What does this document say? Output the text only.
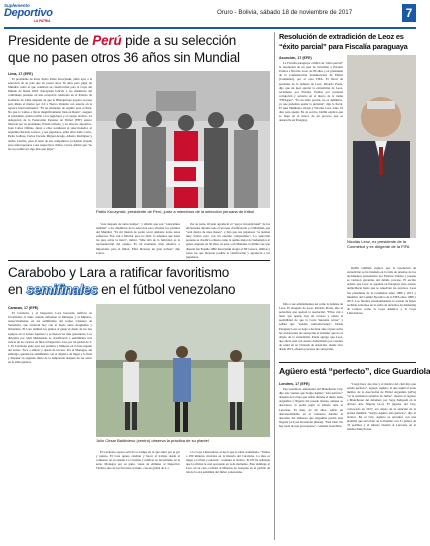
Suplemento
Deportivo
LA PATRIA
Oruro - Bolivia, sábado 18 de noviembre de 2017	7
Presidente de Perú pide a su selección
que no pasen otros 36 años sin Mundial
Lima, 17 (EFE)

El presidente de Perú, Pedro Pablo Kuczynski, pidió ayer a la selección de su país que no pasen otros 36 años para jugar un Mundial como el que celebrará su clasificación para la Copa del Mundo de Rusia 2018. Kuczynski felicitó a los miembros del combinado peruano en una recepción celebrada en el Palacio de Gobierno de Lima después de que la Blanquirroja lograra su pase para Rusia el martes por 2-0 a Nueva Zelanda con autoría en la repesca intercontinental. "Es un momento de orgullo para el Perú. No que lo vamos a llevar magníficamente bien en Rusia", aseguró el presidente, quien recibió a los jugadores y el cuerpo técnico. La delegación de la Federación Peruana de Fútbol (FPF) estuvo liderada por su presidente, Edwin Oviedo, y su director deportivo, Juan Carlos Oblitas. Junto a ellos acudieron el seleccionador, el argentino Ricardo Gareca, y sus jugadores, entre ellos Aldo Corzo, Pedro Gallese, Carlos Cáceda, Miguel Araujo, Alberto Rodríguez y Andre Carrillo, pues el resto de sus compañeros ya habían viajado para reincorporarse a sus respectivos clubes. Cueva afirmó que "no les es posible ser algo más que jugar".

Pablo Kuczynski, presidente de Perú, junto a miembros de la selección peruana de fútbol

"este después de tanto tiempo", y añadió que son "conscientes también" a los miembros de la selección para afrontar los partidos del Mundial. "Es mi ilusión de poder sacar adelante todos estos esfuerzos. Nos van a felicitar pero no fácil, lo tenemos que tener los pies sobre la tierra", indicó. "Más allá de la felicidad, es la representación del equipo. Es un momento muy emotivo e importante para el fútbol. Ellos hicieron un gran trabajo" dijo Cueva.

Por su parte, Oviedo agradeció el "apoyo incondicional" de los aficionados durante todo el proceso clasificatorio y el Mundial, que "será dentro de unos meses", y dijo que sus jugadores "se sienten muy felices pero con un enorme compromiso". La selección peruana se clasificó a Rusia como la quinta mejor de Sudamérica al ganar, después de 36 años, su pase a un Mundial, la última vez que disputó fue España 1982. Kuczynski elogió al DT Gareca, Oblitas y todos los que hicieron posible la clasificación y agradeció a los jugadores.

Carabobo y Lara a ratificar favoritismo
en semifinales en el fútbol venezolano
Caracas, 17 (EFE)

El Carabobo y el Deportivo Lara buscarán ratificar su favoritismo al título cuando enfrenten al Monagas y al Mineros, respectivamente, en las semifinales del torneo Clausura de Venezuela, que arrancan hoy con el duelo entre Aragüeños y Orientales. El Lara dominó los puntos al ganar el duelo de los dos equipos en el torneo Apertura y se fueron los más goleadores. Los dirigidos por Saúl Maldonado se clasificaron a semifinales tras vencer en los cuartos de final al Deportivo Lara por un global de 3-1. El Carabobo ganó ayer sus partidos y Mineros en la fase regular del torneo 'Toca a ambos' y quedó de tercero. Por el Monagas, sin embargo, quedan las semifinales con el objetivo de llegar a la final y disputar su segundo título de la temporada después de ser sexto en la tabla general.

Julio César Baldivieso (centro) observa la práctica de su plantel

El Carabobo espera salir de la trampa en la que entró por el gol y puntos. El Lara quiere celebrar y hacer el trabajo desde el comienzo en su estadio La Carolina y ratificar su favoritismo en la serie. Monagas por su parte, viene de eliminar al Deportivo Táchira, uno de los favoritos al título, con un global de 2-1.

a la Copa Libertadores al decir que la tabla acumulada. "Vamos a 180 minutos cruciales en la historia del Carabobo. La idea es llegar a la final y pelearla", comentó el técnico. El DT ha señalado que la afición le está apoyando en todo momento. Este domingo el Lara, en su casa, recibirá al Mineros de Guayana en el partido de ida de la otra semifinal del fútbol venezolano.

Resolución de extradición de Leoz es
“éxito parcial” para Fiscalía paraguaya
Asunción, 17 (EFE)

La Fiscalía paraguaya calificó de "éxito parcial" la resolución de un juez de extraditar a Estados Unidos a Nicolás Leoz, de 89 años y ex presidente de la Confederación Sudamericana de Fútbol (Conmebol), por el caso FIFA. El fiscal de garantías de la defensa de Leoz, Ricardo Preda, dijo que un juez aprobó la extradición de Leoz, reclamado por Estados Unidos por presunta corrupción y soborno en el marco de la trama "FIFAgate". "Es un éxito parcial, no es definitivo, ya que podemos apelar la decisión", dijo la fiscal. El juez Humberto Otazú y Nicolás Leoz tenía 10 días para apelar. En su escrito, Delfín explicó que se llega en el marco de un proceso que se desarrolla en Paraguay.

Nicolás Leoz, ex presidente de la Conmebol y ex dirigente de la FIFA

Delfín también explicó que la resolución de extradición se ha fundado en la falta de pruebas de los documentos presentados por Estados Unidos y porque se violaron garantías del debido proceso. El escrito ordenó que Leoz se quedará en Paraguay bajo arresto domiciliario hasta que se resuelvan los recursos. Leoz fue presidente de la Conmebol entre 1986 y 2013 y miembro del Comité Ejecutivo de la FIFA entre 1998 y 2013. Los fiscales estadounidenses lo acusan de haber recibido sobornos en la venta de derechos de marketing de torneos como la Copa América y la Copa Libertadores.

fallo a sus señalamientos así como la defensa de Leoz. El abogado de Leoz, Ricardo Preda, dijo al periodista que apelará la resolución. "Ellos van a tener que apelar, hay un recurso y existe la posibilidad de que la Corte Suprema revise" y señaló que "existen contradicciones". Desde Paraguay Leoz se negó a declarar ante el juez sobre las acusaciones de corrupción al entender que no es objeto de la extradición. Preda agregó que Leoz, que ahora está con arresto domiciliario por razones de salud en su vivienda de Asunción, donde vive desde 2015, afrontó procesos de corrupción.

Agüero está “perfecto”, dice Guardiola
Londres, 17 (EFE)

Pep Guardiola, entrenador del Manchester City, dijo este viernes que Sergio Agüero "está perfecto" después de la baja que sufrió durante el duelo entre Argentina y Nigeria del pasado martes, aunque se desconoce si podrá jugar el sábado ante el Leicester. El Kun, de 29 años, sufrió un desvanecimiento en el vestuario durante el descanso del amistoso que Argentina perdió ante Nigeria (4-2) en Krasnodar (Rusia). "Está bien. No hay nada de qué preocuparse", comentó Guardiola.

"Llegó hace dos días y el médico del club dijo que estaba perfecto", agregó. Agüero, al que según el parte médico de la Asociación de Fútbol Argentino (AFA) "se le realizaron estudios de rutina", mostró el regreso a Manchester del delantero por Jorge Sampaoli en la derrota ante Nigeria (4-2). El jugador del City, convocado en 2017, era objeto de la atención de la prensa mundial. "Sergio Agüero está perfecto", dijo el técnico. En el City, Agüero se encontró con una plantilla que está líder de la Premier con 31 puntos de 33 posibles y el sábado visitará al Leicester en el estadio King Power.
